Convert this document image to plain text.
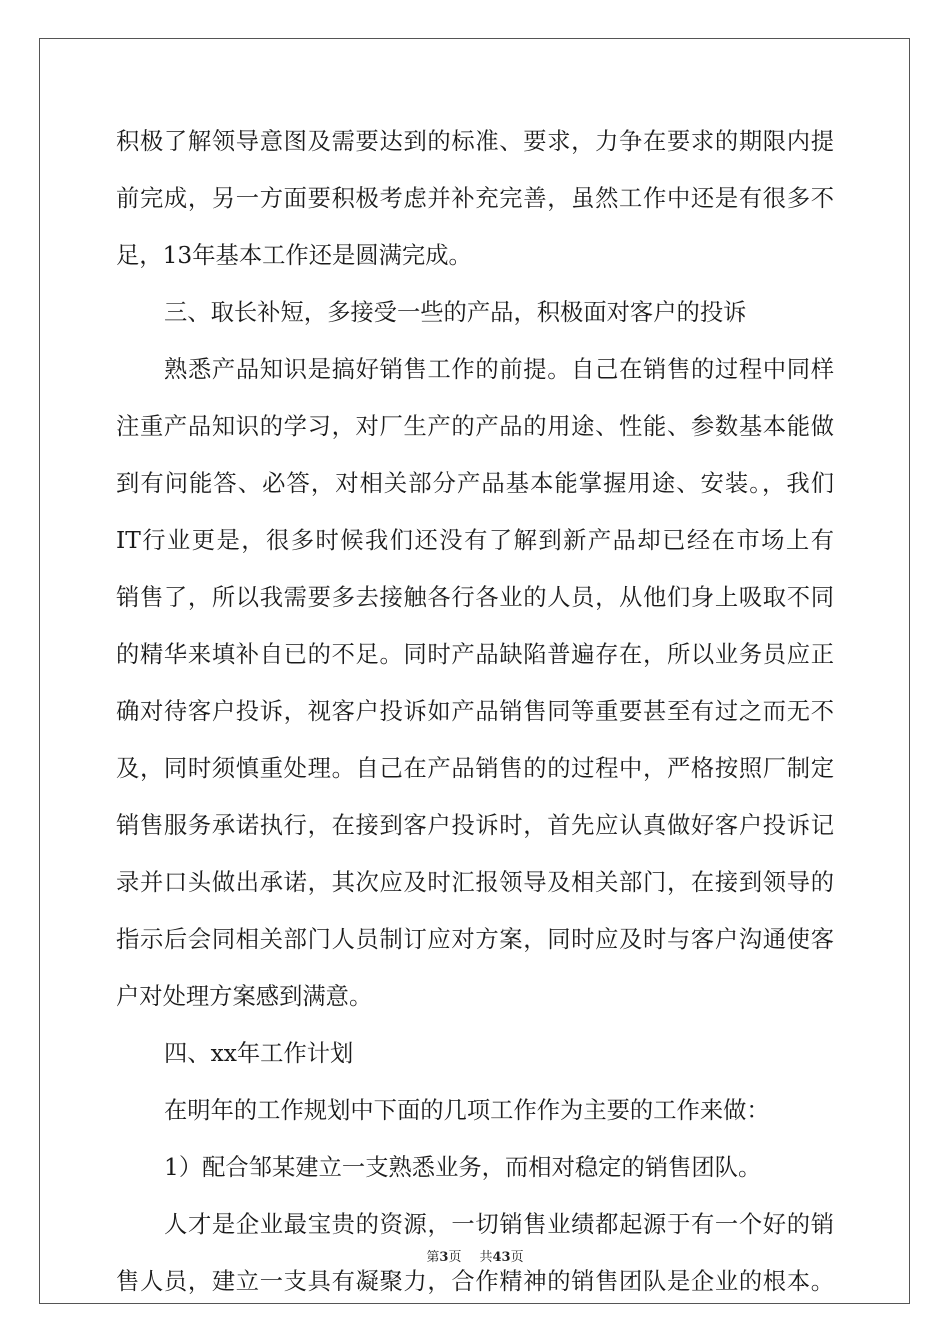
积极了解领导意图及需要达到的标准、要求，力争在要求的期限内提
前完成，另一方面要积极考虑并补充完善，虽然工作中还是有很多不
足，13年基本工作还是圆满完成。
三、取长补短，多接受一些的产品，积极面对客户的投诉
熟悉产品知识是搞好销售工作的前提。自己在销售的过程中同样
注重产品知识的学习，对厂生产的产品的用途、性能、参数基本能做
到有问能答、必答，对相关部分产品基本能掌握用途、安装。，我们
IT行业更是，很多时候我们还没有了解到新产品却已经在市场上有
销售了，所以我需要多去接触各行各业的人员，从他们身上吸取不同
的精华来填补自已的不足。同时产品缺陷普遍存在，所以业务员应正
确对待客户投诉，视客户投诉如产品销售同等重要甚至有过之而无不
及，同时须慎重处理。自己在产品销售的的过程中，严格按照厂制定
销售服务承诺执行，在接到客户投诉时，首先应认真做好客户投诉记
录并口头做出承诺，其次应及时汇报领导及相关部门，在接到领导的
指示后会同相关部门人员制订应对方案，同时应及时与客户沟通使客
户对处理方案感到满意。
四、xx年工作计划
在明年的工作规划中下面的几项工作作为主要的工作来做：
1）配合邹某建立一支熟悉业务，而相对稳定的销售团队。
人才是企业最宝贵的资源，一切销售业绩都起源于有一个好的销
售人员，建立一支具有凝聚力，合作精神的销售团队是企业的根本。
第3页 共43页
